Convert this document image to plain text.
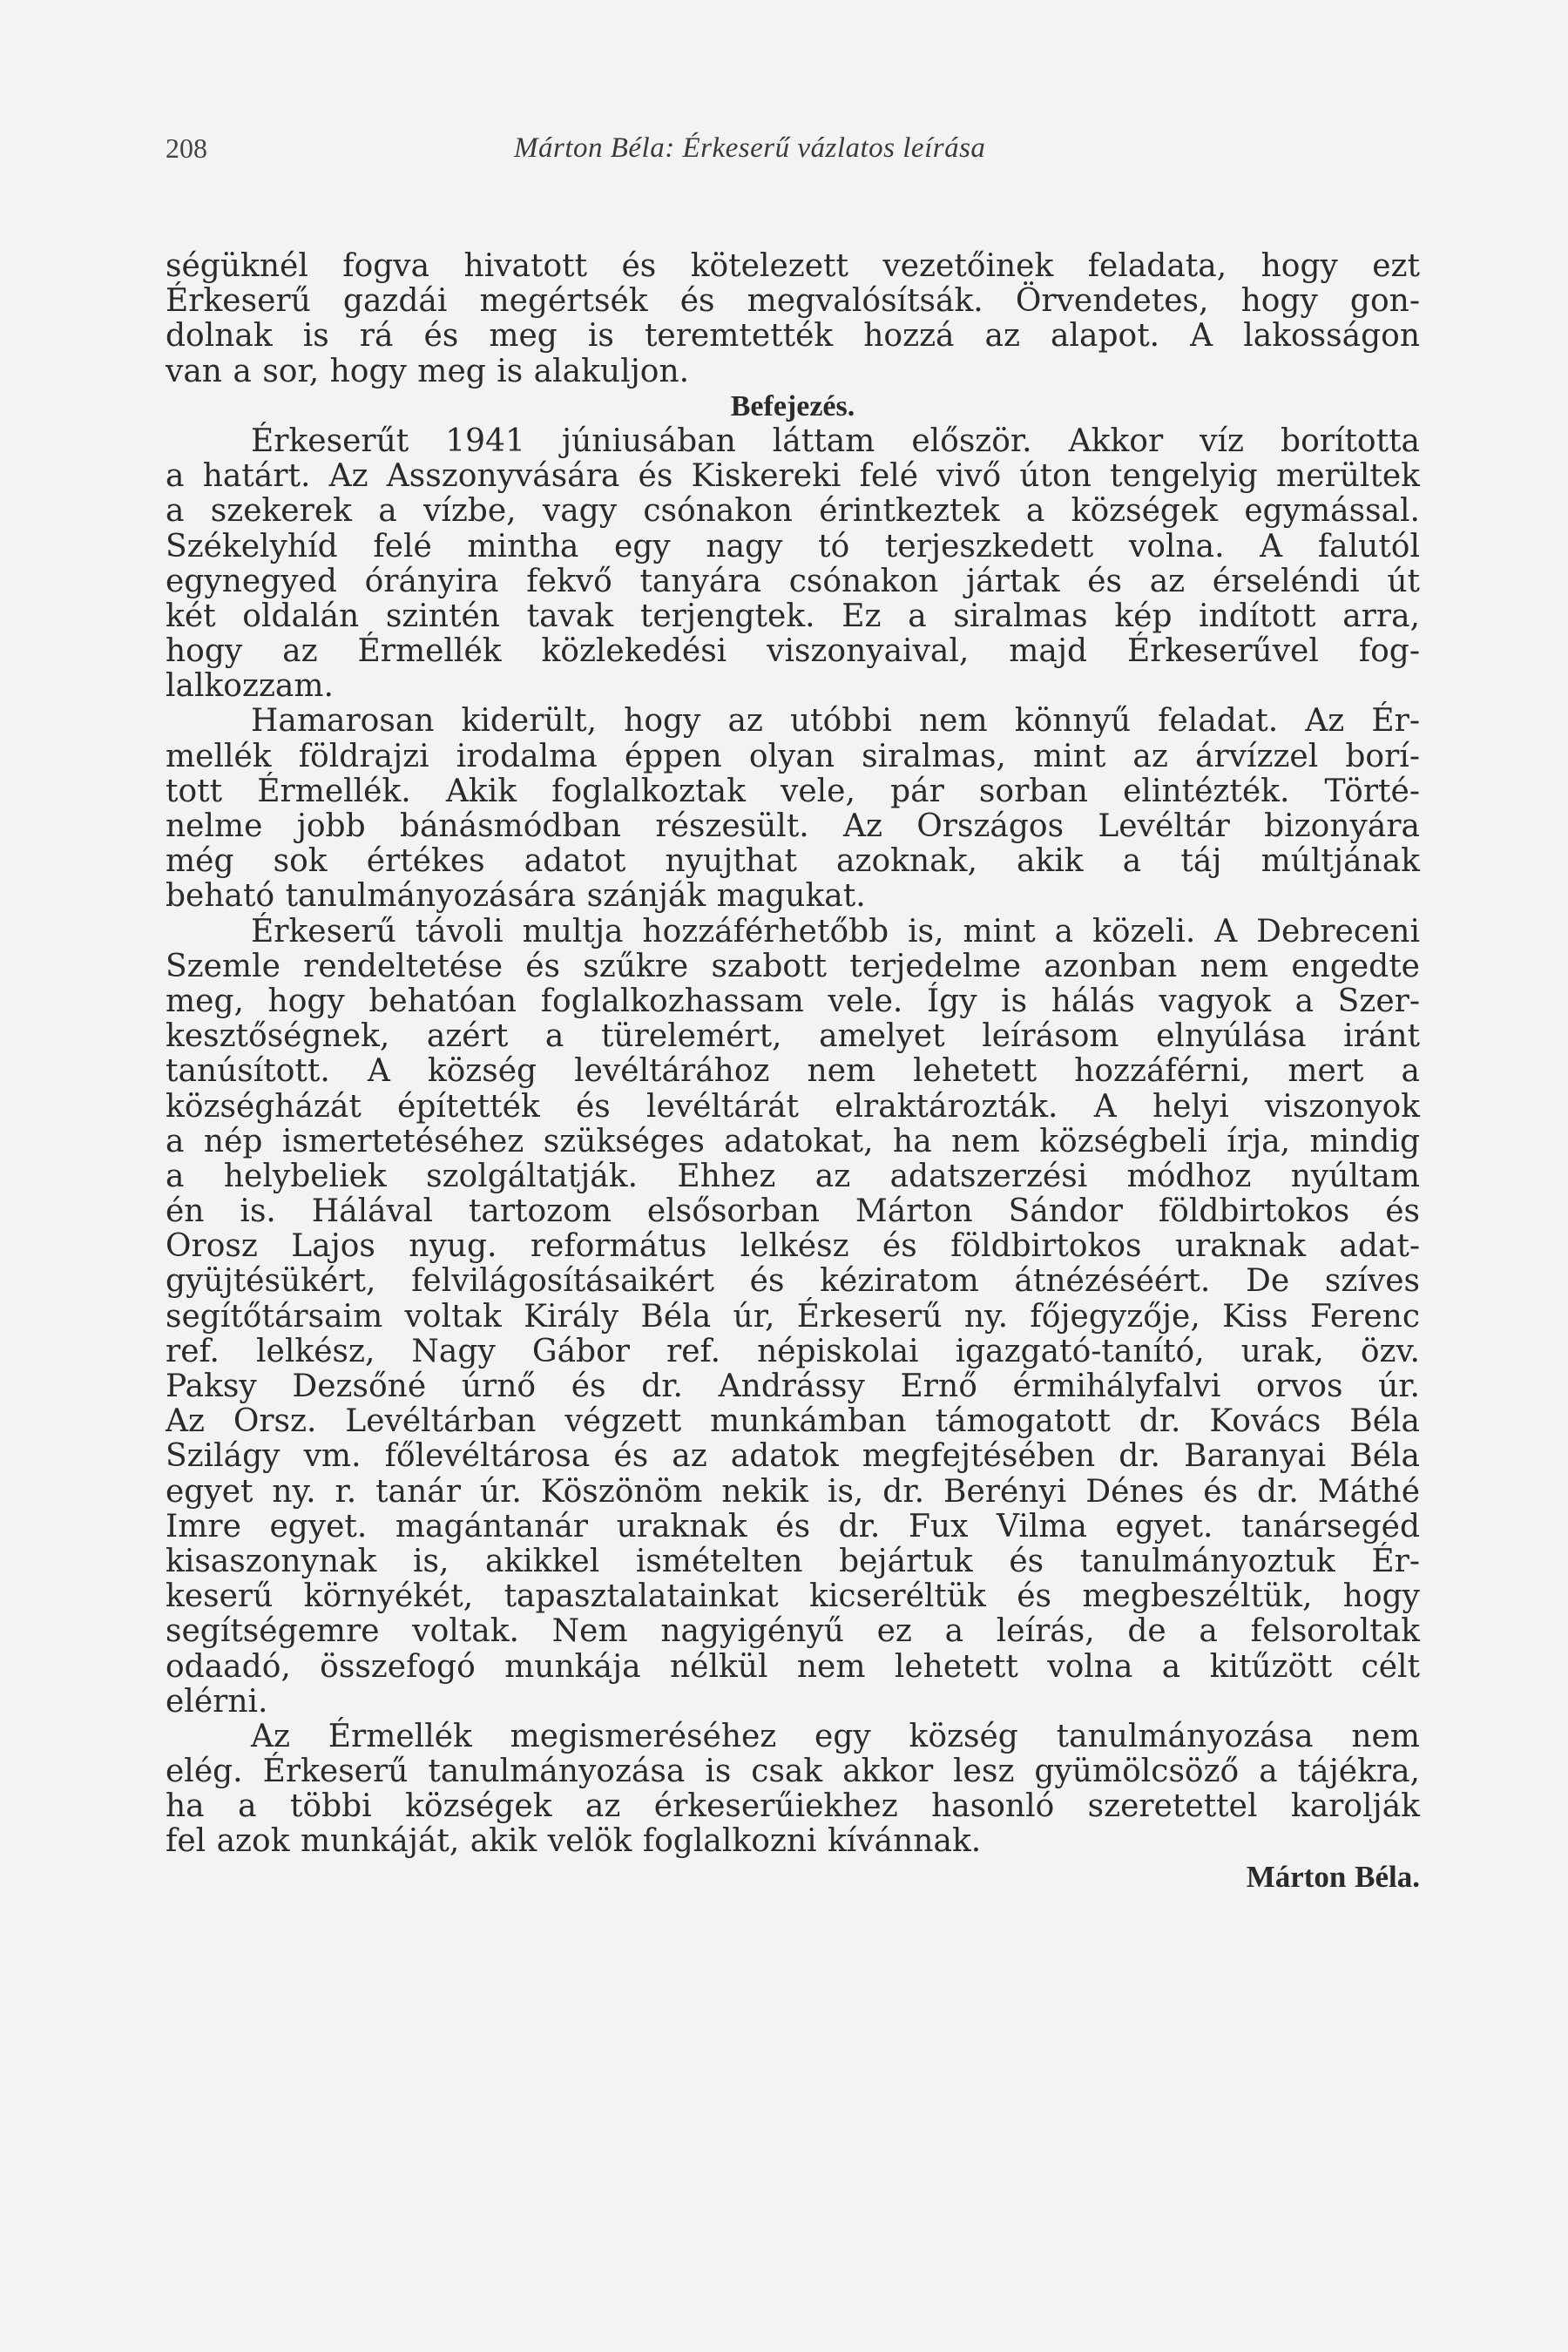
208	Márton Béla: Érkeserű vázlatos leírása
ségüknél fogva hivatott és kötelezett vezetőinek feladata, hogy ezt
Érkeserű gazdái megértsék és megvalósítsák. Örvendetes, hogy gon-
dolnak is rá és meg is teremtették hozzá az alapot. A lakosságon
van a sor, hogy meg is alakuljon.
Befejezés.
Érkeserűt 1941 júniusában láttam először. Akkor víz borította
a határt. Az Asszonyvására és Kiskereki felé vivő úton tengelyig merültek
a szekerek a vízbe, vagy csónakon érintkeztek a községek egymással.
Székelyhíd felé mintha egy nagy tó terjeszkedett volna. A falutól
egynegyed órányira fekvő tanyára csónakon jártak és az érseléndi út
két oldalán szintén tavak terjengtek. Ez a siralmas kép indított arra,
hogy az Érmellék közlekedési viszonyaival, majd Érkeserűvel fog-
lalkozzam.
Hamarosan kiderült, hogy az utóbbi nem könnyű feladat. Az Ér-
mellék földrajzi irodalma éppen olyan siralmas, mint az árvízzel borí-
tott Érmellék. Akik foglalkoztak vele, pár sorban elintézték. Törté-
nelme jobb bánásmódban részesült. Az Országos Levéltár bizonyára
még sok értékes adatot nyujthat azoknak, akik a táj múltjának
beható tanulmányozására szánják magukat.
Érkeserű távoli multja hozzáférhetőbb is, mint a közeli. A Debreceni
Szemle rendeltetése és szűkre szabott terjedelme azonban nem engedte
meg, hogy behatóan foglalkozhassam vele. Így is hálás vagyok a Szer-
kesztőségnek, azért a türelemért, amelyet leírásom elnyúlása iránt
tanúsított. A község levéltárához nem lehetett hozzáférni, mert a
községházát építették és levéltárát elraktározták. A helyi viszonyok
a nép ismertetéséhez szükséges adatokat, ha nem községbeli írja, mindig
a helybeliek szolgáltatják. Ehhez az adatszerzési módhoz nyúltam
én is. Hálával tartozom elsősorban Márton Sándor földbirtokos és
Orosz Lajos nyug. református lelkész és földbirtokos uraknak adat-
gyüjtésükért, felvilágosításaikért és kéziratom átnézéséért. De szíves
segítőtársaim voltak Király Béla úr, Érkeserű ny. főjegyzője, Kiss Ferenc
ref. lelkész, Nagy Gábor ref. népiskolai igazgató-tanító, urak, özv.
Paksy Dezsőné úrnő és dr. Andrássy Ernő érmihályfalvi orvos úr.
Az Orsz. Levéltárban végzett munkámban támogatott dr. Kovács Béla
Szilágy vm. főlevéltárosa és az adatok megfejtésében dr. Baranyai Béla
egyet ny. r. tanár úr. Köszönöm nekik is, dr. Berényi Dénes és dr. Máthé
Imre egyet. magántanár uraknak és dr. Fux Vilma egyet. tanársegéd
kisaszonynak is, akikkel ismételten bejártuk és tanulmányoztuk Ér-
keserű környékét, tapasztalatainkat kicseréltük és megbeszéltük, hogy
segítségemre voltak. Nem nagyigényű ez a leírás, de a felsoroltak
odaadó, összefogó munkája nélkül nem lehetett volna a kitűzött célt
elérni.
Az Érmellék megismeréséhez egy község tanulmányozása nem
elég. Érkeserű tanulmányozása is csak akkor lesz gyümölcsöző a tájékra,
ha a többi községek az érkeserűiekhez hasonló szeretettel karolják
fel azok munkáját, akik velök foglalkozni kívánnak.
Márton Béla.
